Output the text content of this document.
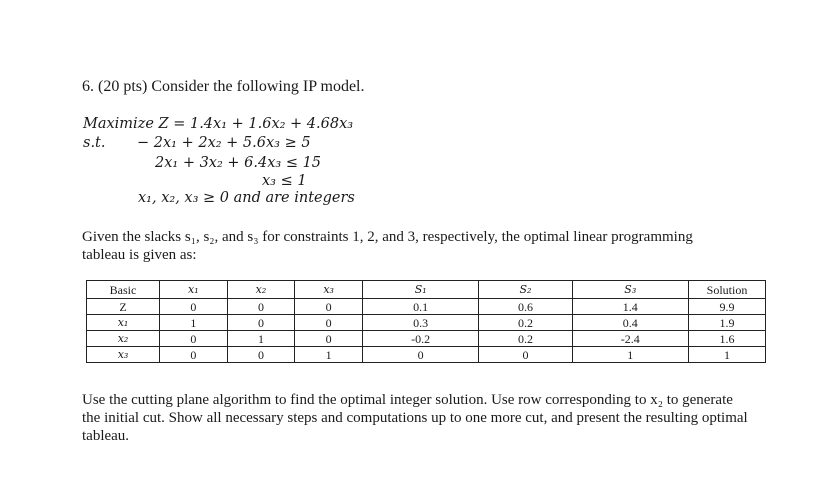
6. (20 pts) Consider the following IP model.
Maximize Z = 1.4x₁ + 1.6x₂ + 4.68x₃
s.t. − 2x₁ + 2x₂ + 5.6x₃ ≥ 5
2x₁ + 3x₂ + 6.4x₃ ≤ 15
x₃ ≤ 1
x₁, x₂, x₃ ≥ 0 and are integers
Given the slacks s₁, s₂, and s₃ for constraints 1, 2, and 3, respectively, the optimal linear programming
tableau is given as:
Basic	x₁	x₂	x₃	S₁	S₂	S₃	Solution
Z	0	0	0	0.1	0.6	1.4	9.9
x₁	1	0	0	0.3	0.2	0.4	1.9
x₂	0	1	0	-0.2	0.2	-2.4	1.6
x₃	0	0	1	0	0	1	1
Use the cutting plane algorithm to find the optimal integer solution. Use row corresponding to x₂ to generate
the initial cut. Show all necessary steps and computations up to one more cut, and present the resulting optimal
tableau.
